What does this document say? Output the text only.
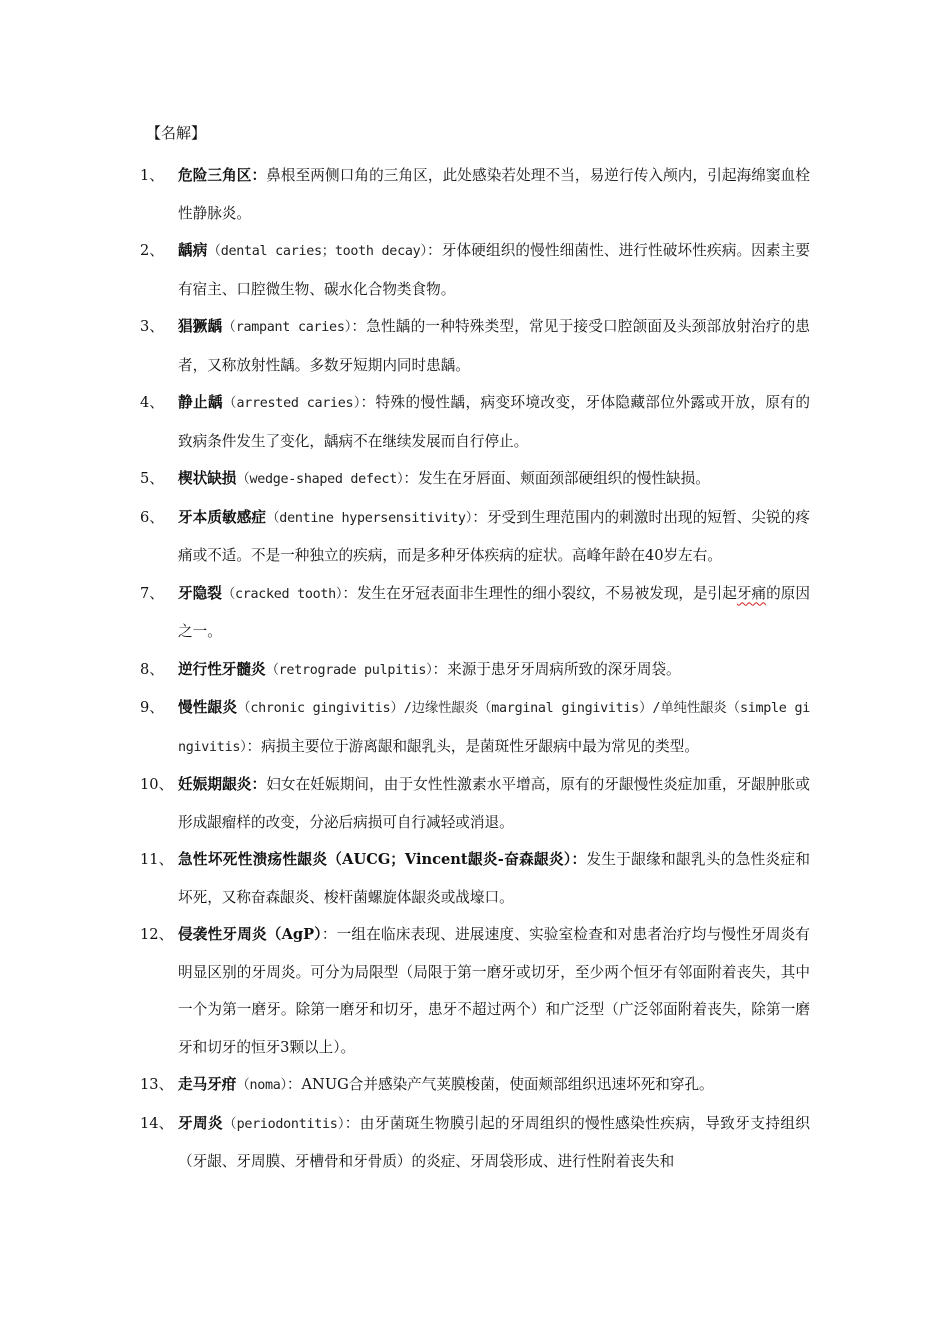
【名解】
1、 危险三角区：鼻根至两侧口角的三角区，此处感染若处理不当，易逆行传入颅内，引起海绵窦血栓性静脉炎。
2、 龋病（dental caries；tooth decay）：牙体硬组织的慢性细菌性、进行性破坏性疾病。因素主要有宿主、口腔微生物、碳水化合物类食物。
3、 猖獗龋（rampant caries）：急性龋的一种特殊类型，常见于接受口腔颌面及头颈部放射治疗的患者，又称放射性龋。多数牙短期内同时患龋。
4、 静止龋（arrested caries）：特殊的慢性龋，病变环境改变，牙体隐藏部位外露或开放，原有的致病条件发生了变化，龋病不在继续发展而自行停止。
5、 楔状缺损（wedge-shaped defect）：发生在牙唇面、颊面颈部硬组织的慢性缺损。
6、 牙本质敏感症（dentine hypersensitivity）：牙受到生理范围内的刺激时出现的短暂、尖锐的疼痛或不适。不是一种独立的疾病，而是多种牙体疾病的症状。高峰年龄在40岁左右。
7、 牙隐裂（cracked tooth）：发生在牙冠表面非生理性的细小裂纹，不易被发现，是引起牙痛的原因之一。
8、 逆行性牙髓炎（retrograde pulpitis）：来源于患牙牙周病所致的深牙周袋。
9、 慢性龈炎（chronic gingivitis）/边缘性龈炎（marginal gingivitis）/单纯性龈炎（simple gingivitis）：病损主要位于游离龈和龈乳头，是菌斑性牙龈病中最为常见的类型。
10、 妊娠期龈炎：妇女在妊娠期间，由于女性性激素水平增高，原有的牙龈慢性炎症加重，牙龈肿胀或形成龈瘤样的改变，分泌后病损可自行减轻或消退。
11、 急性坏死性溃疡性龈炎（AUCG；Vincent龈炎-奋森龈炎）：发生于龈缘和龈乳头的急性炎症和坏死，又称奋森龈炎、梭杆菌螺旋体龈炎或战壕口。
12、 侵袭性牙周炎（AgP）：一组在临床表现、进展速度、实验室检查和对患者治疗均与慢性牙周炎有明显区别的牙周炎。可分为局限型（局限于第一磨牙或切牙，至少两个恒牙有邻面附着丧失，其中一个为第一磨牙。除第一磨牙和切牙，患牙不超过两个）和广泛型（广泛邻面附着丧失，除第一磨牙和切牙的恒牙3颗以上）。
13、 走马牙疳（noma）：ANUG合并感染产气荚膜梭菌，使面颊部组织迅速坏死和穿孔。
14、 牙周炎（periodontitis）：由牙菌斑生物膜引起的牙周组织的慢性感染性疾病，导致牙支持组织（牙龈、牙周膜、牙槽骨和牙骨质）的炎症、牙周袋形成、进行性附着丧失和
